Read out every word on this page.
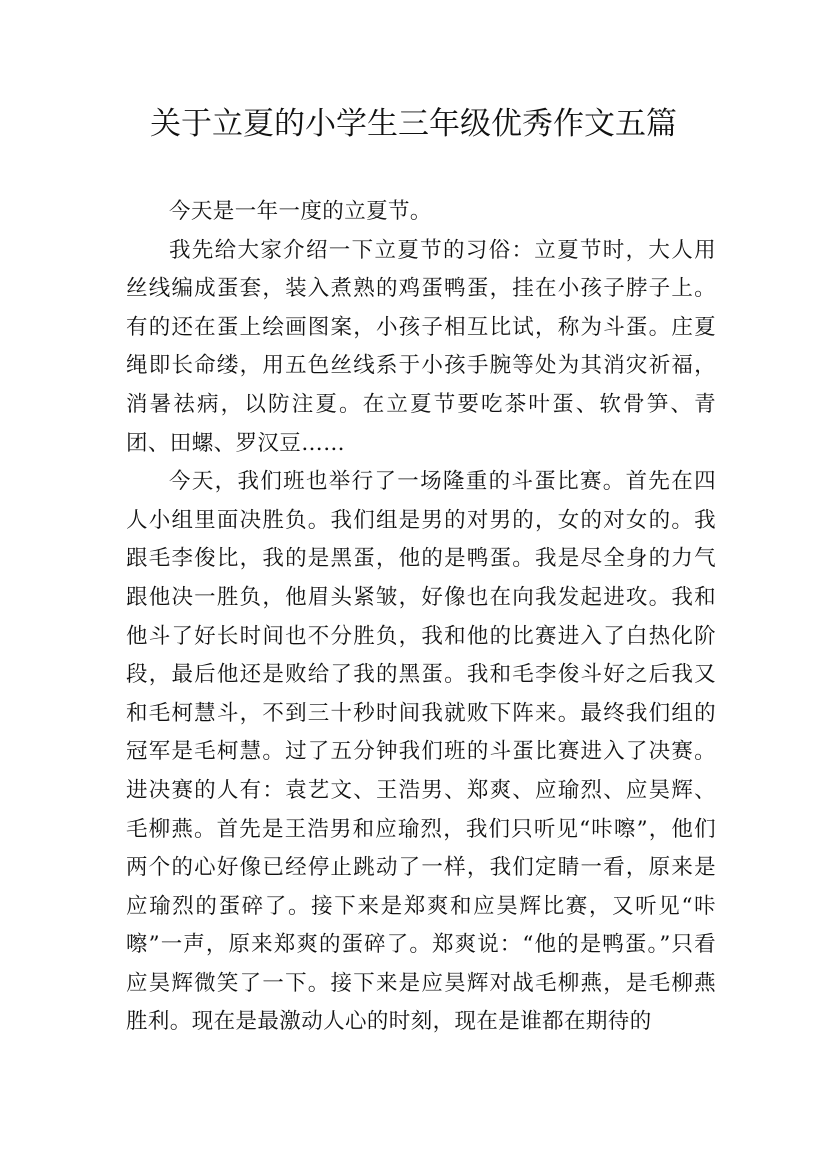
关于立夏的小学生三年级优秀作文五篇

今天是一年一度的立夏节。

我先给大家介绍一下立夏节的习俗：立夏节时，大人用丝线编成蛋套，装入煮熟的鸡蛋鸭蛋，挂在小孩子脖子上。有的还在蛋上绘画图案，小孩子相互比试，称为斗蛋。庄夏绳即长命缕，用五色丝线系于小孩手腕等处为其消灾祈福，消暑祛病，以防注夏。在立夏节要吃茶叶蛋、软骨笋、青团、田螺、罗汉豆……

今天，我们班也举行了一场隆重的斗蛋比赛。首先在四人小组里面决胜负。我们组是男的对男的，女的对女的。我跟毛李俊比，我的是黑蛋，他的是鸭蛋。我是尽全身的力气跟他决一胜负，他眉头紧皱，好像也在向我发起进攻。我和他斗了好长时间也不分胜负，我和他的比赛进入了白热化阶段，最后他还是败给了我的黑蛋。我和毛李俊斗好之后我又和毛柯慧斗，不到三十秒时间我就败下阵来。最终我们组的冠军是毛柯慧。过了五分钟我们班的斗蛋比赛进入了决赛。进决赛的人有：袁艺文、王浩男、郑爽、应瑜烈、应昊辉、毛柳燕。首先是王浩男和应瑜烈，我们只听见“咔嚓”，他们两个的心好像已经停止跳动了一样，我们定睛一看，原来是应瑜烈的蛋碎了。接下来是郑爽和应昊辉比赛，又听见“咔嚓”一声，原来郑爽的蛋碎了。郑爽说：“他的是鸭蛋。”只看应昊辉微笑了一下。接下来是应昊辉对战毛柳燕，是毛柳燕胜利。现在是最激动人心的时刻，现在是谁都在期待的
